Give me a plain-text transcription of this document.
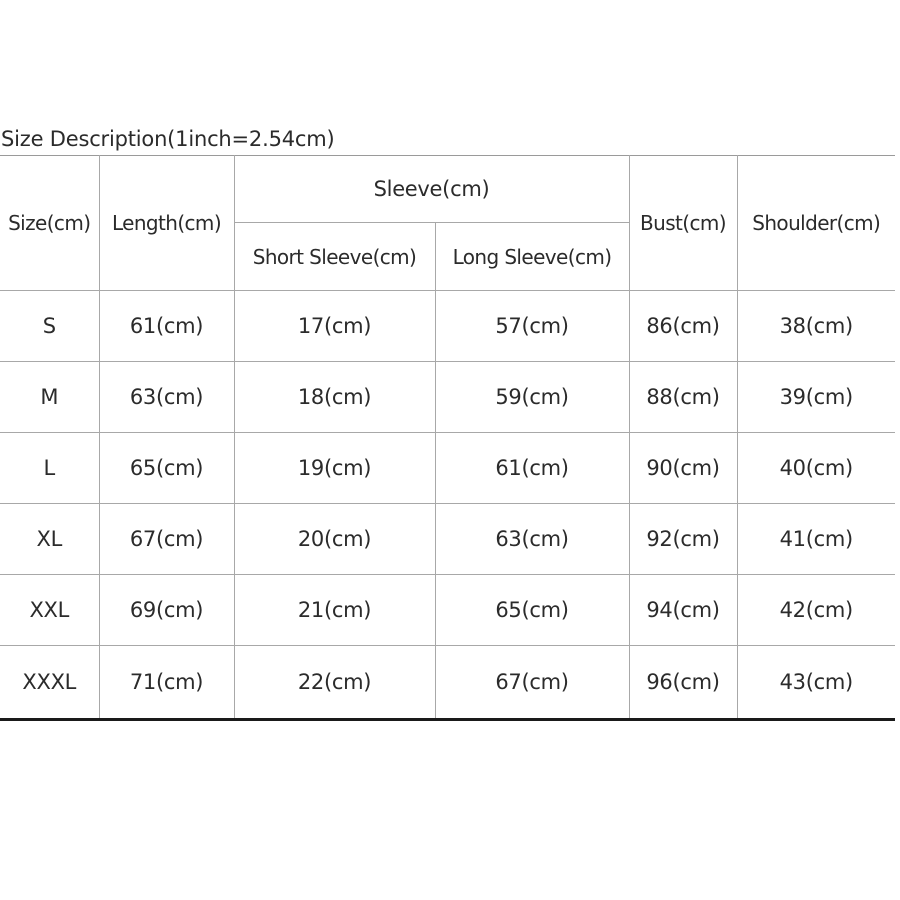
Size Description(1inch=2.54cm)
Size(cm)	Length(cm)	Sleeve(cm)		Bust(cm)	Shoulder(cm)
		Short Sleeve(cm)	Long Sleeve(cm)		
S	61(cm)	17(cm)	57(cm)	86(cm)	38(cm)
M	63(cm)	18(cm)	59(cm)	88(cm)	39(cm)
L	65(cm)	19(cm)	61(cm)	90(cm)	40(cm)
XL	67(cm)	20(cm)	63(cm)	92(cm)	41(cm)
XXL	69(cm)	21(cm)	65(cm)	94(cm)	42(cm)
XXXL	71(cm)	22(cm)	67(cm)	96(cm)	43(cm)
